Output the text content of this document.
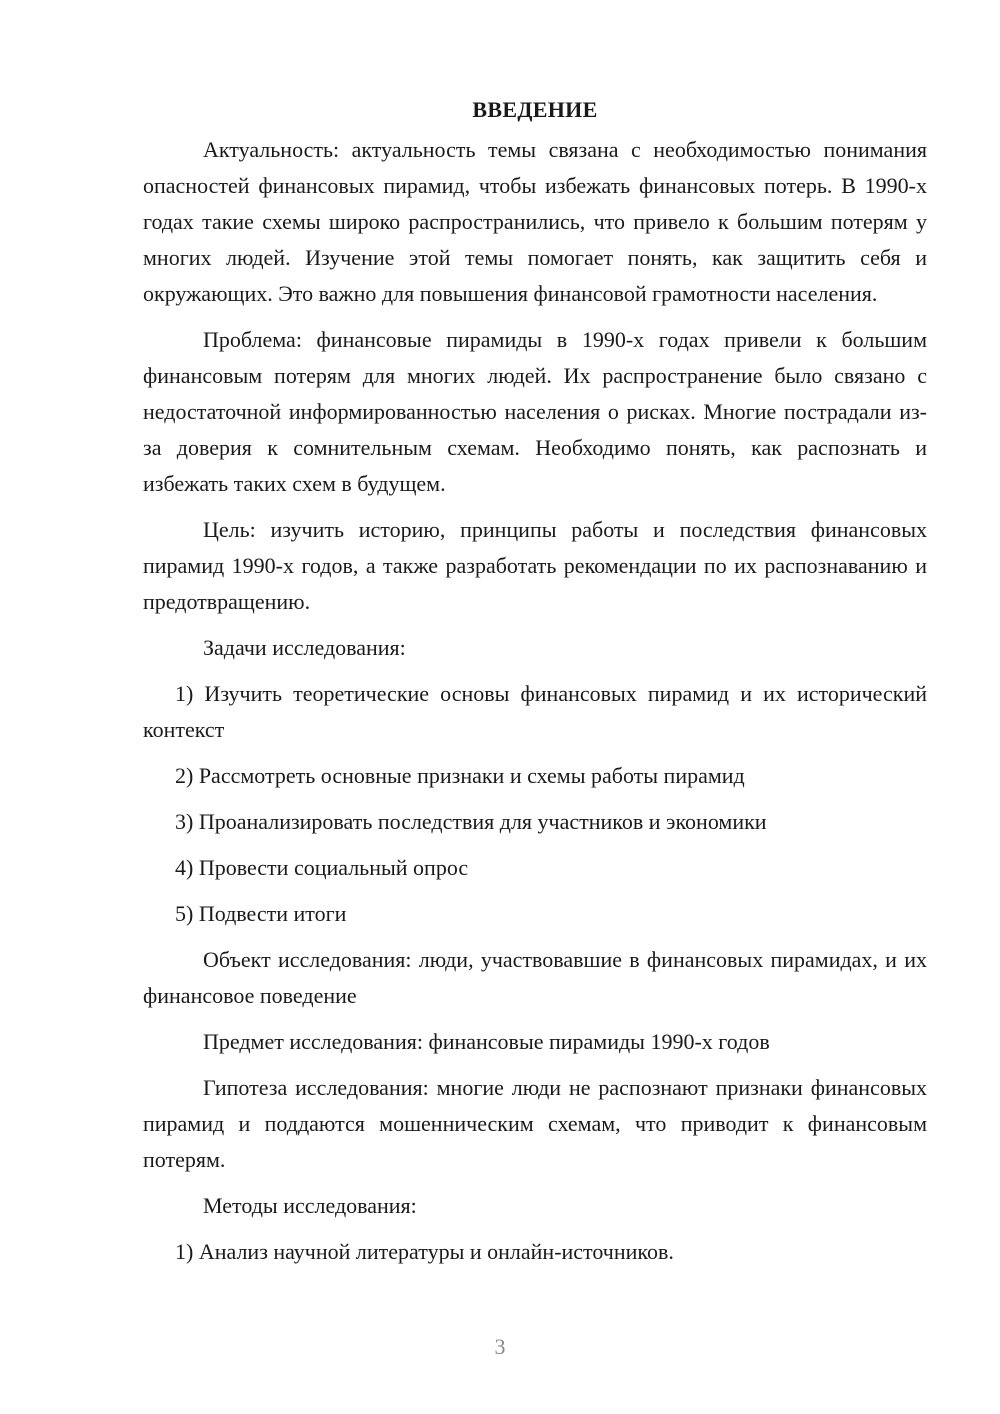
ВВЕДЕНИЕ

Актуальность: актуальность темы связана с необходимостью понимания опасностей финансовых пирамид, чтобы избежать финансовых потерь. В 1990-х годах такие схемы широко распространились, что привело к большим потерям у многих людей. Изучение этой темы помогает понять, как защитить себя и окружающих. Это важно для повышения финансовой грамотности населения.

Проблема: финансовые пирамиды в 1990-х годах привели к большим финансовым потерям для многих людей. Их распространение было связано с недостаточной информированностью населения о рисках. Многие пострадали из-за доверия к сомнительным схемам. Необходимо понять, как распознать и избежать таких схем в будущем.

Цель: изучить историю, принципы работы и последствия финансовых пирамид 1990-х годов, а также разработать рекомендации по их распознаванию и предотвращению.

Задачи исследования:

1) Изучить теоретические основы финансовых пирамид и их исторический контекст

2) Рассмотреть основные признаки и схемы работы пирамид

3) Проанализировать последствия для участников и экономики

4) Провести социальный опрос

5) Подвести итоги

Объект исследования: люди, участвовавшие в финансовых пирамидах, и их финансовое поведение

Предмет исследования: финансовые пирамиды 1990-х годов

Гипотеза исследования: многие люди не распознают признаки финансовых пирамид и поддаются мошенническим схемам, что приводит к финансовым потерям.

Методы исследования:

1) Анализ научной литературы и онлайн-источников.

3
